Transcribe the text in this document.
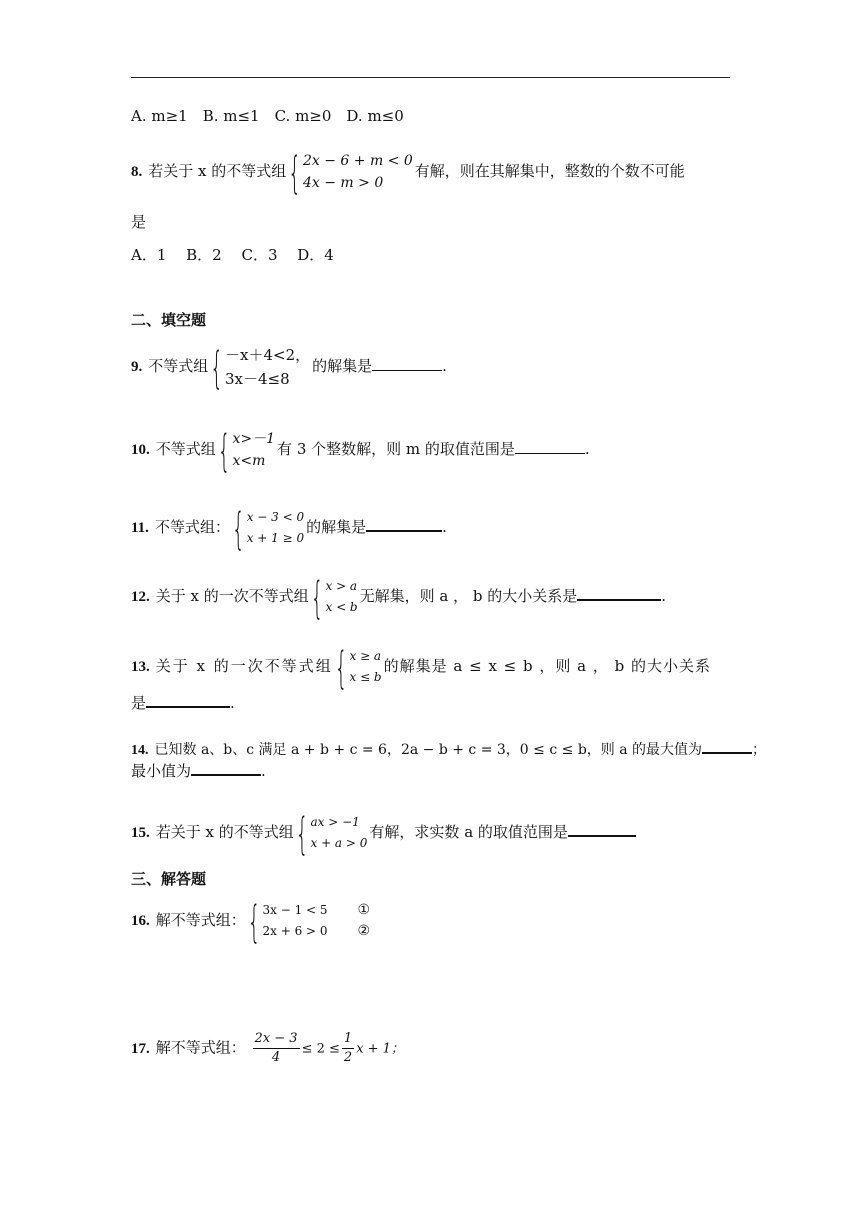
A. m≥1　B. m≤1　C. m≥0　D. m≤0
8. 若关于 x 的不等式组 { 2x − 6 + m < 0
4x − m > 0
有解，则在其解集中，整数的个数不可能
是
A．1　 B．2　 C．3　 D．4
二、填空题
9. 不等式组 { －x＋4<2，
3x－4≤8
的解集是	.
10. 不等式组 { x>－1
x<m
有 3 个整数解，则 m 的取值范围是	.
11. 不等式组： { x − 3 < 0
x + 1 ≥ 0
的解集是	.
12. 关于 x 的一次不等式组 { x > a
x < b
无解集，则 a ， b 的大小关系是	.
13. 关于 x 的一次不等式组 { x ≥ a
x ≤ b
的解集是 a ≤ x ≤ b ，则 a ， b 的大小关系
是	.
14. 已知数 a、b、c 满足 a + b + c = 6，2a − b + c = 3，0 ≤ c ≤ b，则 a 的最大值为	；
最小值为	.
15. 若关于 x 的不等式组 { ax > −1
x + a > 0
有解，求实数 a 的取值范围是
三、解答题
16. 解不等式组： { 3x − 1 < 5 ①
2x + 6 > 0 ②
17. 解不等式组： $\frac{2x - 3}{4} \le 2 \le \frac{1}{2}$ x + 1；
